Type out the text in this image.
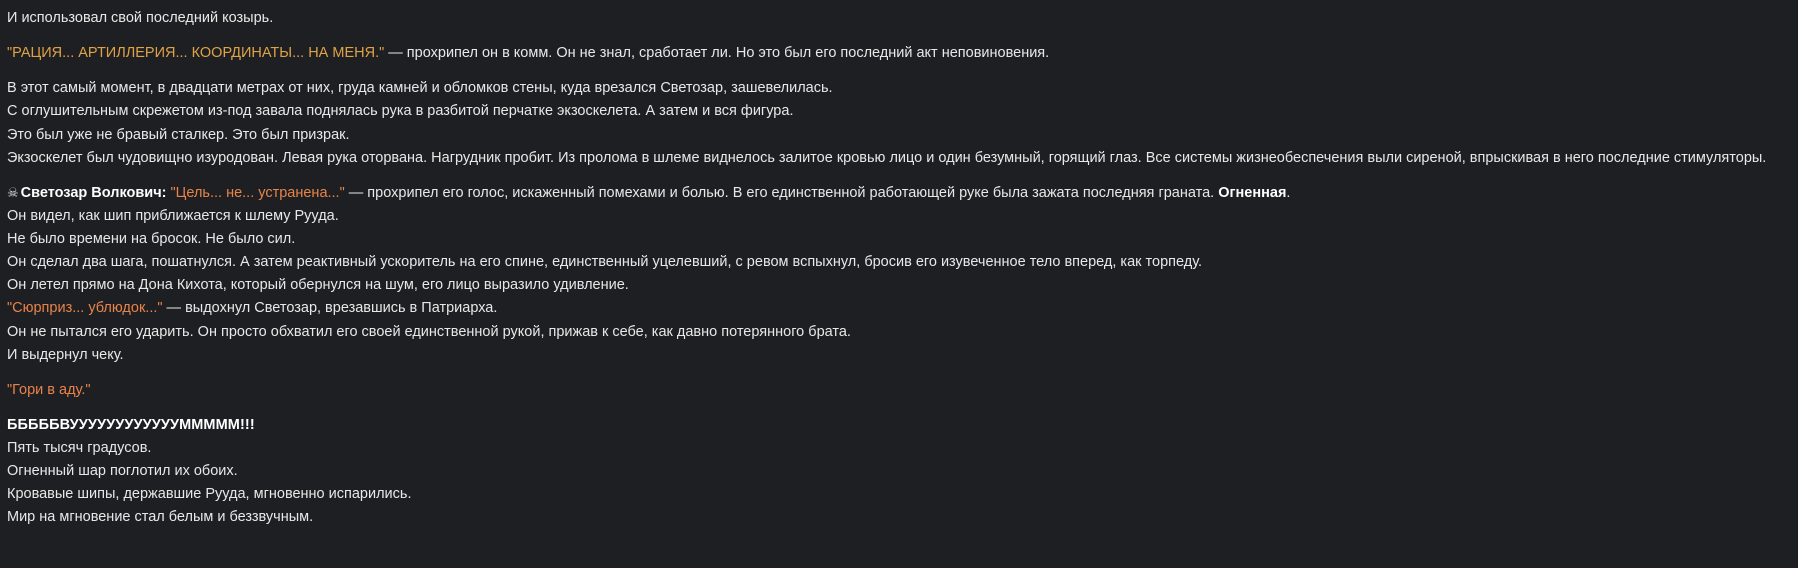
И использовал свой последний козырь.
"РАЦИЯ... АРТИЛЛЕРИЯ... КООРДИНАТЫ... НА МЕНЯ." — прохрипел он в комм. Он не знал, сработает ли. Но это был его последний акт неповиновения.
В этот самый момент, в двадцати метрах от них, груда камней и обломков стены, куда врезался Светозар, зашевелилась.
С оглушительным скрежетом из-под завала поднялась рука в разбитой перчатке экзоскелета. А затем и вся фигура.
Это был уже не бравый сталкер. Это был призрак.
Экзоскелет был чудовищно изуродован. Левая рука оторвана. Нагрудник пробит. Из пролома в шлеме виднелось залитое кровью лицо и один безумный, горящий глаз. Все системы жизнеобеспечения выли сиреной, впрыскивая в него последние стимуляторы.
☠ Светозар Волкович: "Цель... не... устранена..." — прохрипел его голос, искаженный помехами и болью. В его единственной работающей руке была зажата последняя граната. Огненная.
Он видел, как шип приближается к шлему Рууда.
Не было времени на бросок. Не было сил.
Он сделал два шага, пошатнулся. А затем реактивный ускоритель на его спине, единственный уцелевший, с ревом вспыхнул, бросив его изувеченное тело вперед, как торпеду.
Он летел прямо на Дона Кихота, который обернулся на шум, его лицо выразило удивление.
"Сюрприз... ублюдок..." — выдохнул Светозар, врезавшись в Патриарха.
Он не пытался его ударить. Он просто обхватил его своей единственной рукой, прижав к себе, как давно потерянного брата.
И выдернул чеку.
"Гори в аду."
БББББВУУУУУУУУУУУУМММММ!!!
Пять тысяч градусов.
Огненный шар поглотил их обоих.
Кровавые шипы, державшие Рууда, мгновенно испарились.
Мир на мгновение стал белым и беззвучным.
